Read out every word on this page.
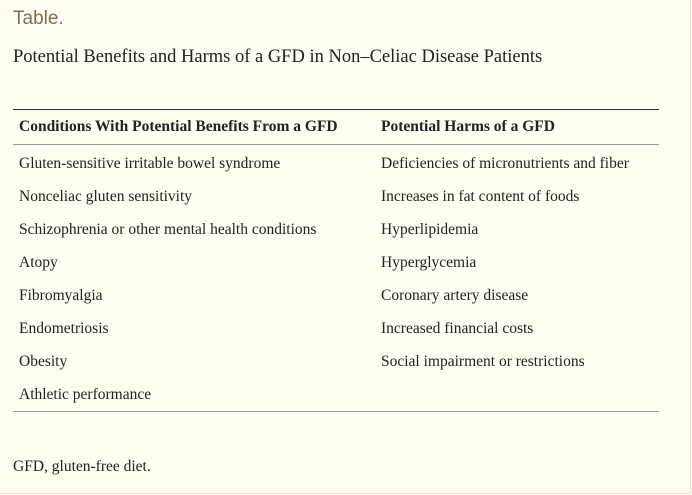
Table.
Potential Benefits and Harms of a GFD in Non–Celiac Disease Patients
Conditions With Potential Benefits From a GFD	Potential Harms of a GFD
Gluten-sensitive irritable bowel syndrome	Deficiencies of micronutrients and fiber
Nonceliac gluten sensitivity	Increases in fat content of foods
Schizophrenia or other mental health conditions	Hyperlipidemia
Atopy	Hyperglycemia
Fibromyalgia	Coronary artery disease
Endometriosis	Increased financial costs
Obesity	Social impairment or restrictions
Athletic performance	
GFD, gluten-free diet.
